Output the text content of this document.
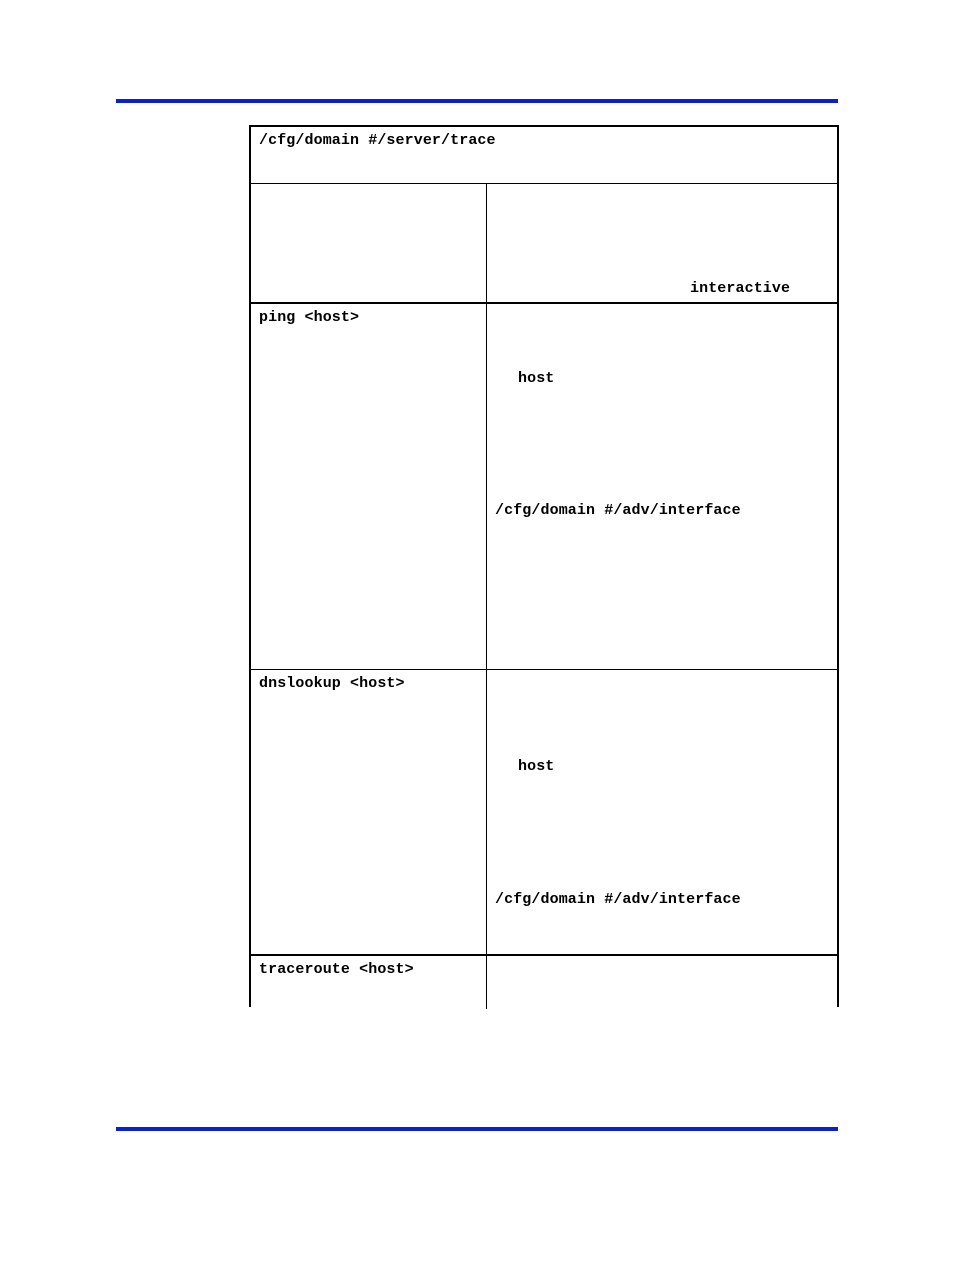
/cfg/domain #/server/trace
interactive
ping <host>
host
/cfg/domain #/adv/interface
dnslookup <host>
host
/cfg/domain #/adv/interface
traceroute <host>
